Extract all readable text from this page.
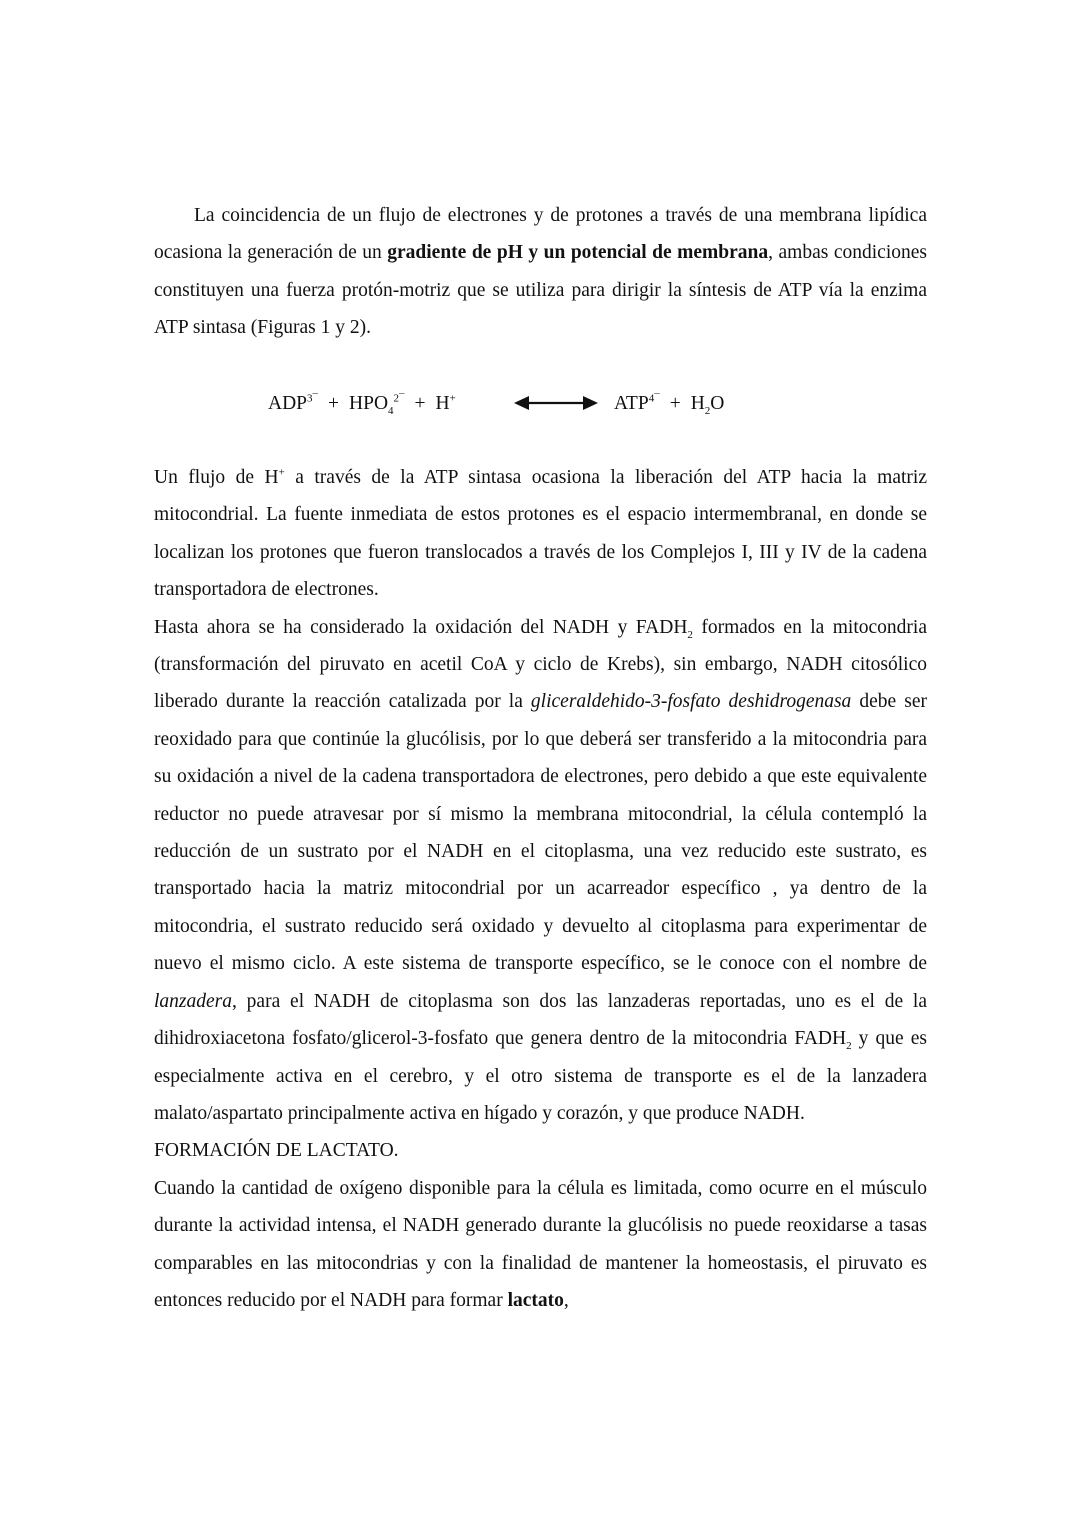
La coincidencia de un flujo de electrones y de protones a través de una membrana lipídica ocasiona la generación de un gradiente de pH y un potencial de membrana, ambas condiciones constituyen una fuerza protón-motriz que se utiliza para dirigir la síntesis de ATP vía la enzima ATP sintasa (Figuras 1 y 2).

$ADP^{3¯} + HPO_4^{2¯} + H^+$	$ATP^{4¯} + H_2O$

Un flujo de H+ a través de la ATP sintasa ocasiona la liberación del ATP hacia la matriz mitocondrial. La fuente inmediata de estos protones es el espacio intermembranal, en donde se localizan los protones que fueron translocados a través de los Complejos I, III y IV de la cadena transportadora de electrones.

Hasta ahora se ha considerado la oxidación del NADH y $FADH_2$ formados en la mitocondria (transformación del piruvato en acetil CoA y ciclo de Krebs), sin embargo, NADH citosólico liberado durante la reacción catalizada por la gliceraldehido-3-fosfato deshidrogenasa debe ser reoxidado para que continúe la glucólisis, por lo que deberá ser transferido a la mitocondria para su oxidación a nivel de la cadena transportadora de electrones, pero debido a que este equivalente reductor no puede atravesar por sí mismo la membrana mitocondrial, la célula contempló la reducción de un sustrato por el NADH en el citoplasma, una vez reducido este sustrato, es transportado hacia la matriz mitocondrial por un acarreador específico , ya dentro de la mitocondria, el sustrato reducido será oxidado y devuelto al citoplasma para experimentar de nuevo el mismo ciclo. A este sistema de transporte específico, se le conoce con el nombre de lanzadera, para el NADH de citoplasma son dos las lanzaderas reportadas, uno es el de la dihidroxiacetona fosfato/glicerol-3-fosfato que genera dentro de la mitocondria $FADH_2$ y que es especialmente activa en el cerebro, y el otro sistema de transporte es el de la lanzadera malato/aspartato principalmente activa en hígado y corazón, y que produce NADH.

FORMACIÓN DE LACTATO.

Cuando la cantidad de oxígeno disponible para la célula es limitada, como ocurre en el músculo durante la actividad intensa, el NADH generado durante la glucólisis no puede reoxidarse a tasas comparables en las mitocondrias y con la finalidad de mantener la homeostasis, el piruvato es entonces reducido por el NADH para formar lactato,
